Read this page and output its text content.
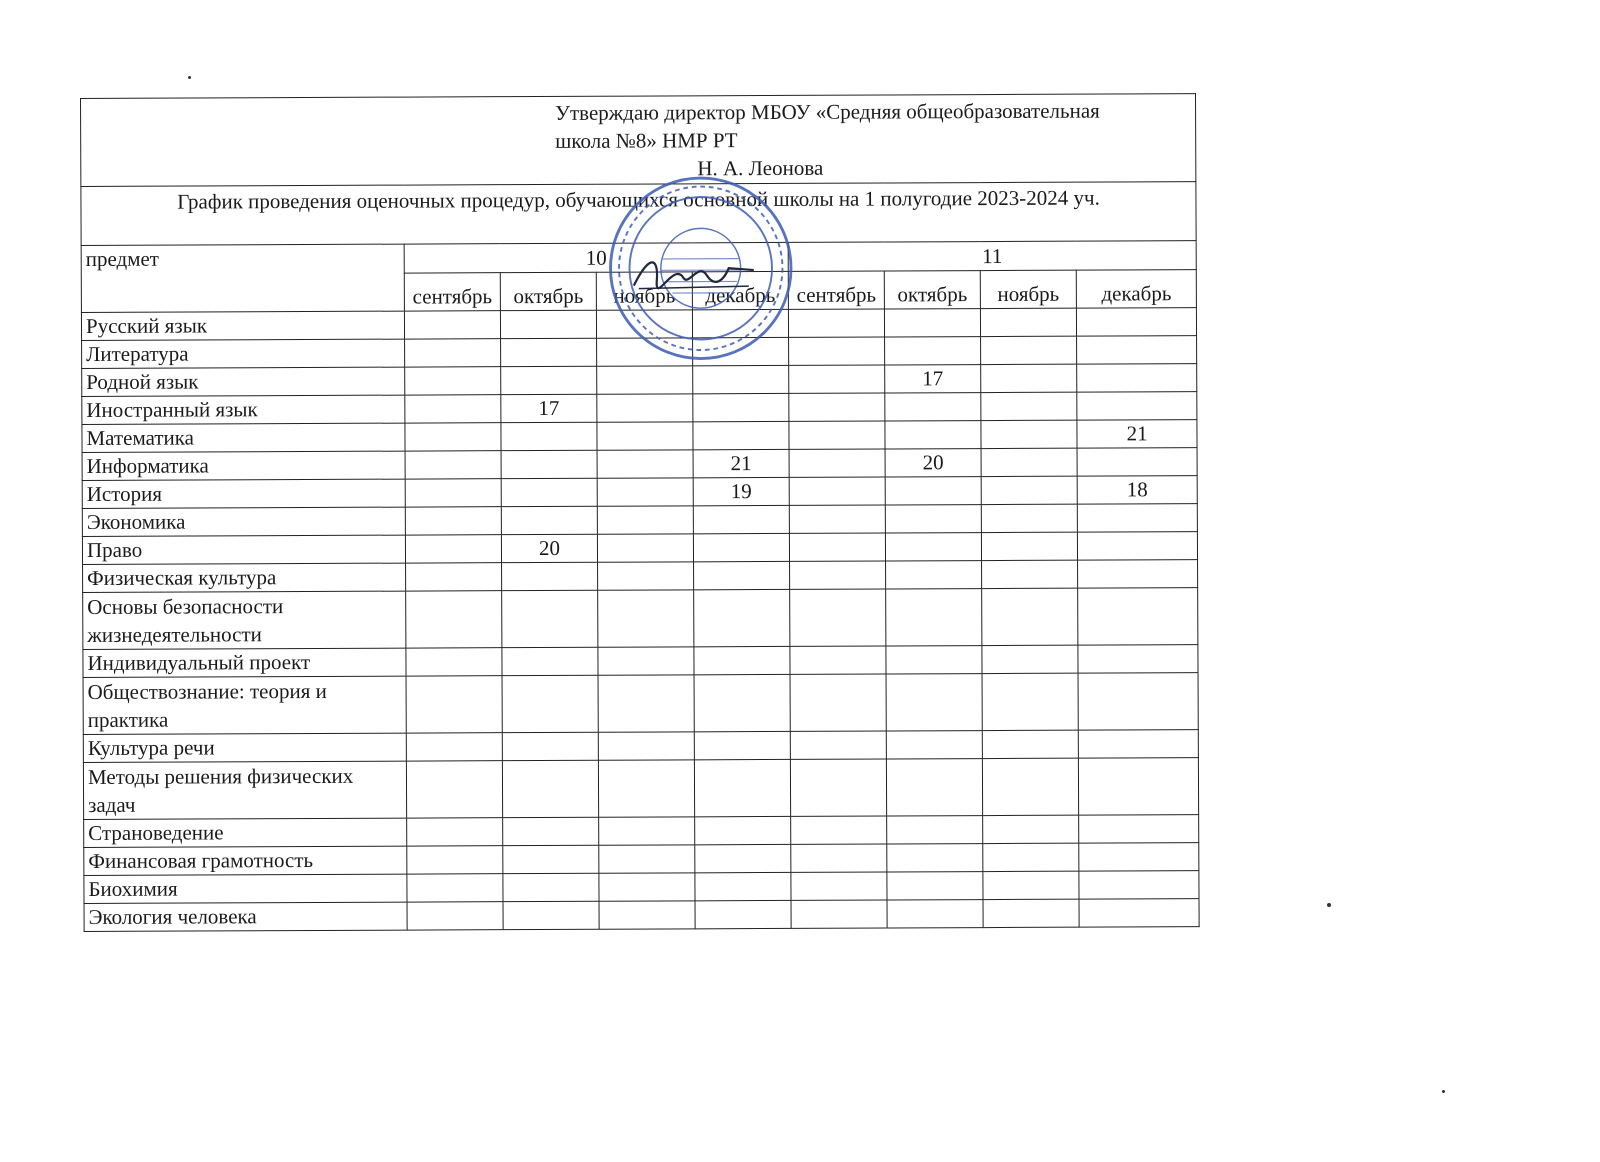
Утверждаю директор МБОУ «Средняя общеобразовательная
школа №8» НМР РТ
Н. А. Леонова								

График проведения оценочных процедур, обучающихся основной школы на 1 полугодие 2023-2024 уч.								
предмет	10				11			
	сентябрь	октябрь	ноябрь	декабрь	сентябрь	октябрь	ноябрь	декабрь
Русский язык								
Литература								
Родной язык						17		
Иностранный язык		17						
Математика								21
Информатика				21		20		
История				19				18
Экономика								
Право		20						
Физическая культура								

Основы безопасности
жизнедеятельности								

Индивидуальный проект								

Обществознание: теория и
практика								

Культура речи								

Методы решения физических
задач								

Страноведение								
Финансовая грамотность								
Биохимия								
Экология человека								
